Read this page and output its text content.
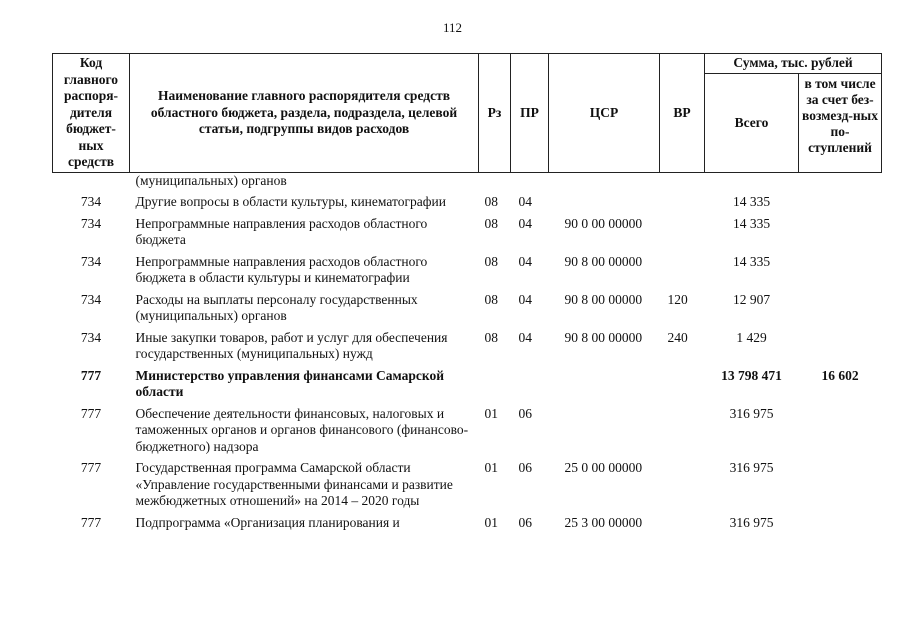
112
Код главного распоря-дителя бюджет-ных средств	Наименование главного распорядителя средств областного бюджета, раздела, подраздела, целевой статьи, подгруппы видов расходов	Рз	ПР	ЦСР	ВР	Сумма, тыс. рублей	
						Всего	в том числе за счет без-возмезд-ных по-ступлений
	(муниципальных) органов						
734	Другие вопросы в области культуры, кинематографии	08	04			14 335	
734	Непрограммные направления расходов областного бюджета	08	04	90 0 00 00000		14 335	
734	Непрограммные направления расходов областного бюджета в области культуры и кинематографии	08	04	90 8 00 00000		14 335	
734	Расходы на выплаты персоналу государственных (муниципальных) органов	08	04	90 8 00 00000	120	12 907	
734	Иные закупки товаров, работ и услуг для обеспечения государственных (муниципальных) нужд	08	04	90 8 00 00000	240	1 429	
777	Министерство управления финансами Самарской области					13 798 471	16 602
777	Обеспечение деятельности финансовых, налоговых и таможенных органов и органов финансового (финансово-бюджетного) надзора	01	06			316 975	
777	Государственная программа Самарской области «Управление государственными финансами и развитие межбюджетных отношений» на 2014 – 2020 годы	01	06	25 0 00 00000		316 975	
777	Подпрограмма «Организация планирования и	01	06	25 3 00 00000		316 975	
